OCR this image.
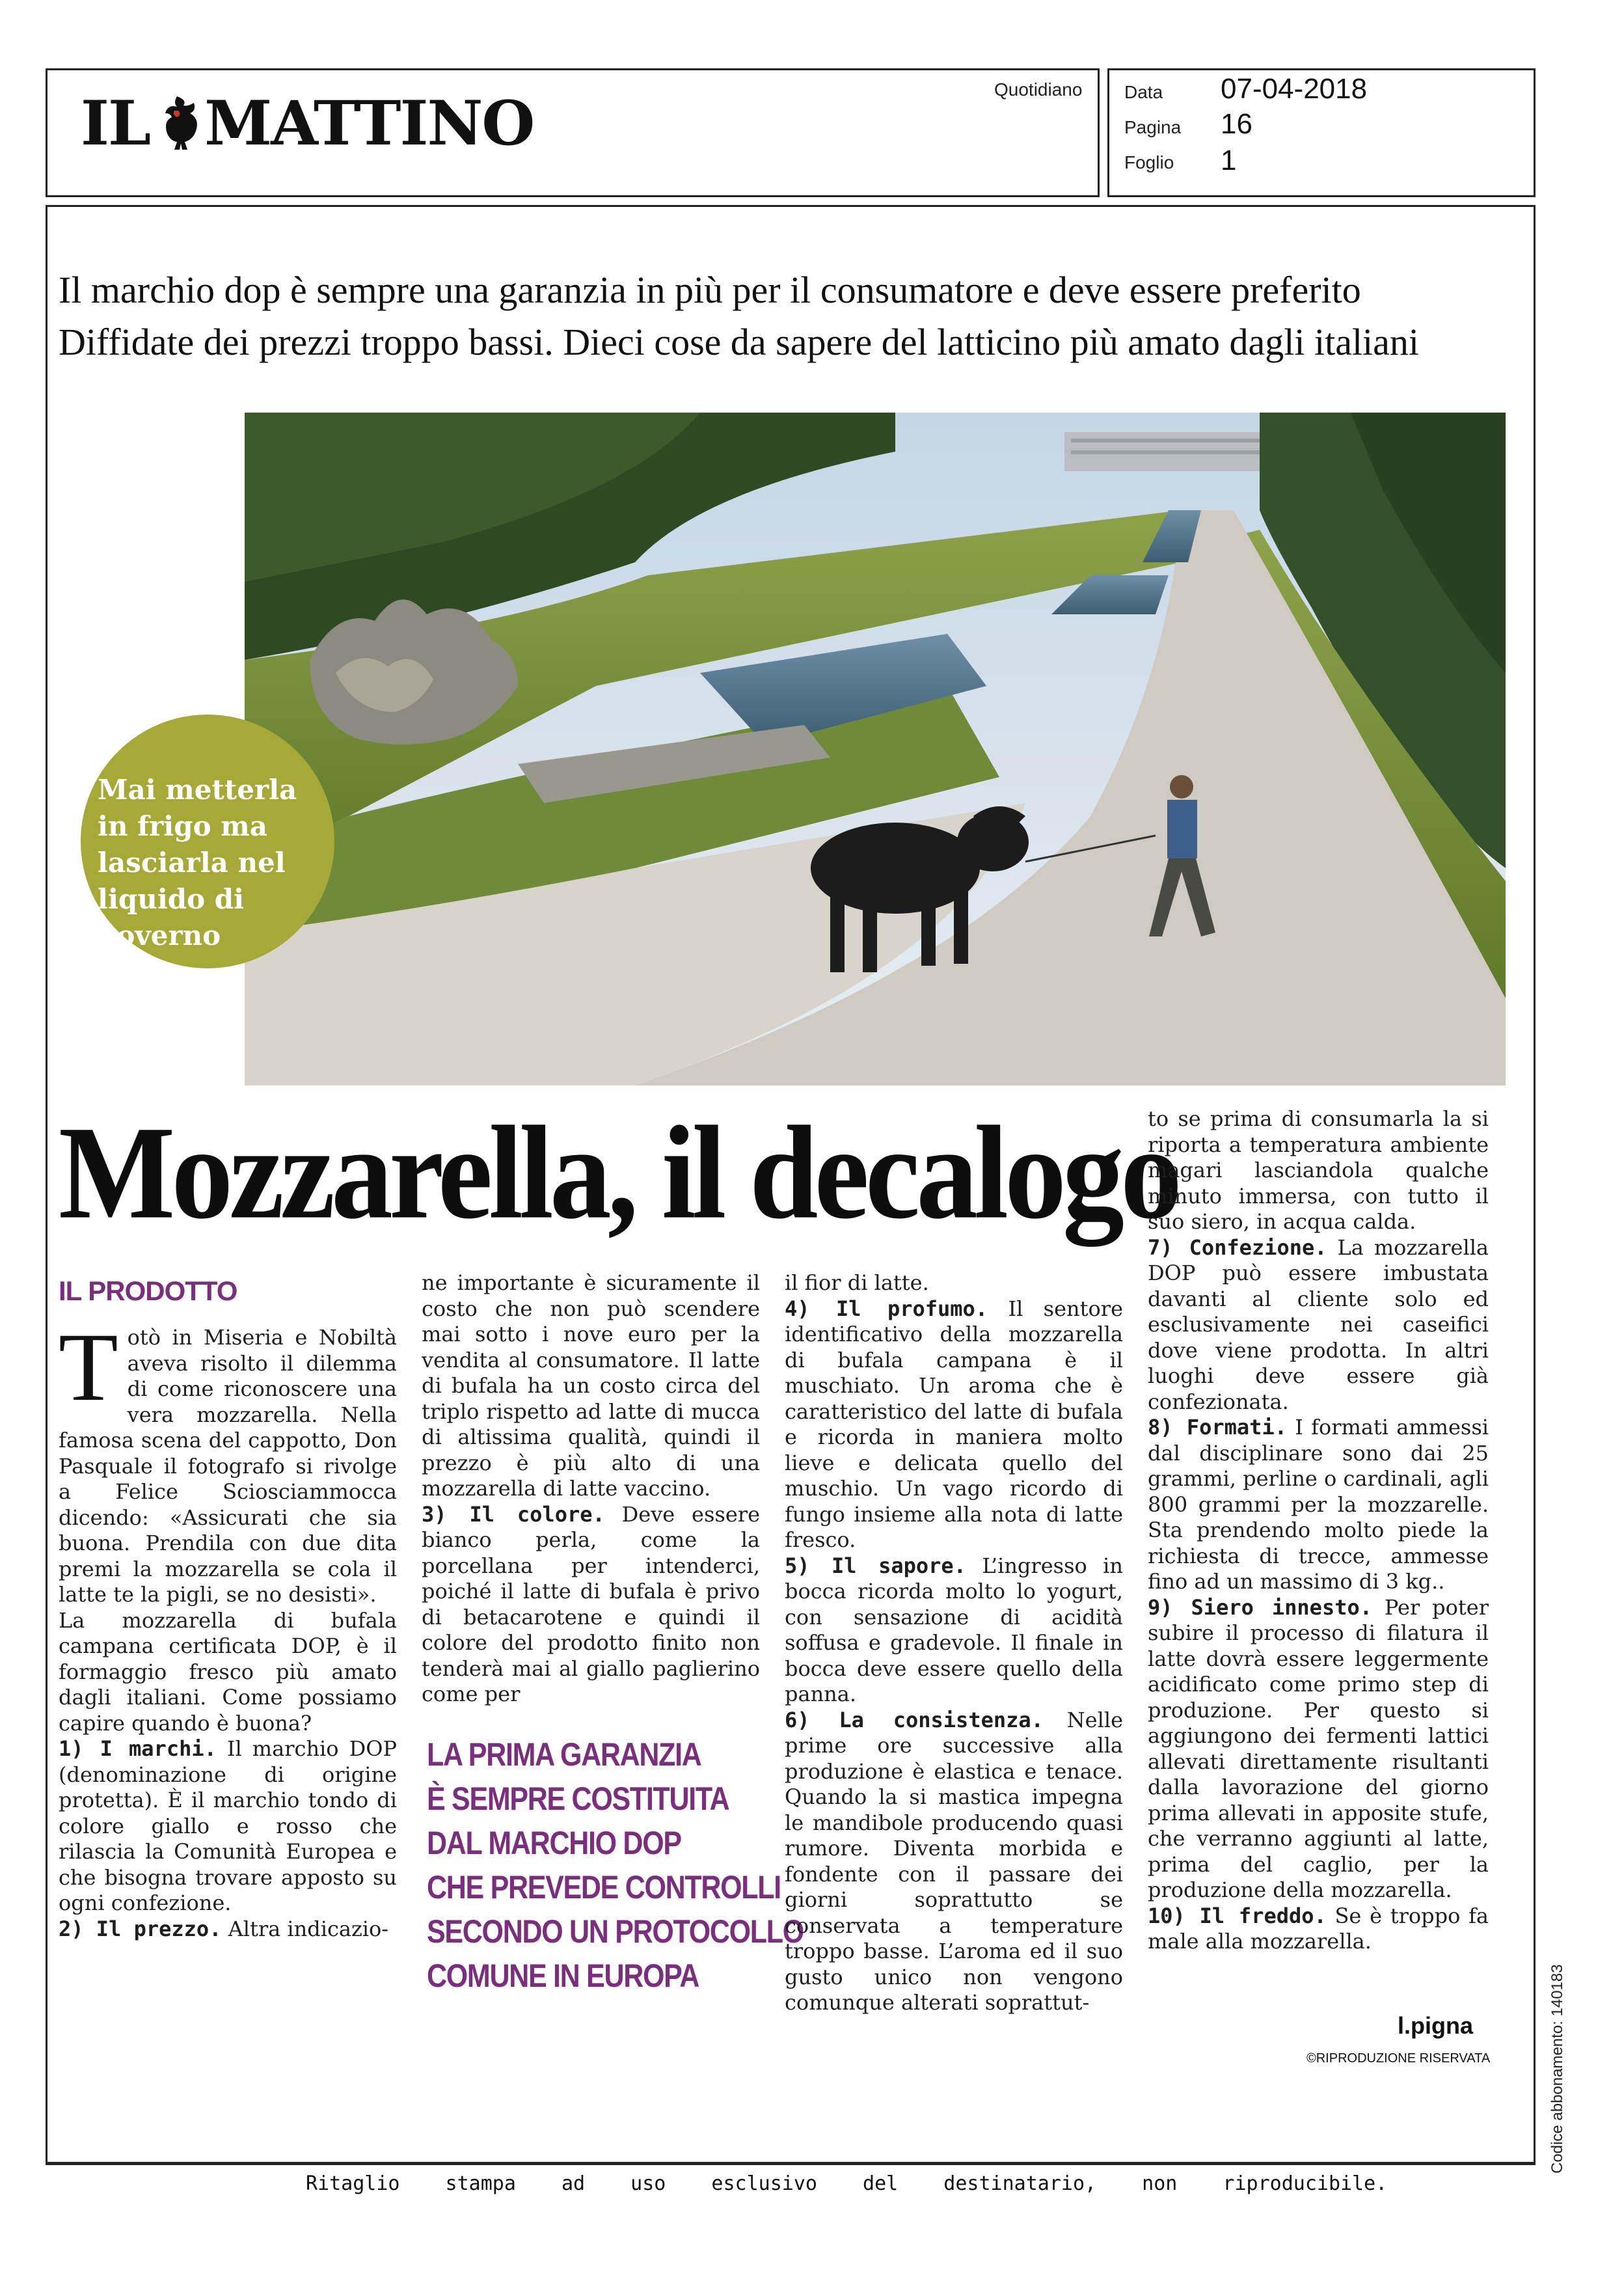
IL MATTINO	Quotidiano Data 07-04-2018
Pagina 16
Foglio 1
Il marchio dop è sempre una garanzia in più per il consumatore e deve essere preferito
Diffidate dei prezzi troppo bassi. Dieci cose da sapere del latticino più amato dagli italiani
Mai metterla
in frigo ma
lasciarla nel
liquido di
governo
Mozzarella, il decalogo
IL PRODOTTO

Totò in Miseria e Nobiltà aveva risolto il dilemma di come riconoscere una vera mozzarella. Nella famosa scena del cappotto, Don Pasquale il fotografo si rivolge a Felice Sciosciammocca dicendo: «Assicurati che sia buona. Prendila con due dita premi la mozzarella se cola il latte te la pigli, se no desisti».

La mozzarella di bufala campana certificata DOP, è il formaggio fresco più amato dagli italiani. Come possiamo capire quando è buona?

1) I marchi. Il marchio DOP (denominazione di origine protetta). È il marchio tondo di colore giallo e rosso che rilascia la Comunità Europea e che bisogna trovare apposto su ogni confezione.

2) Il prezzo. Altra indicazio-

ne importante è sicuramente il costo che non può scendere mai sotto i nove euro per la vendita al consumatore. Il latte di bufala ha un costo circa del triplo rispetto ad latte di mucca di altissima qualità, quindi il prezzo è più alto di una mozzarella di latte vaccino.

3) Il colore. Deve essere bianco perla, come la porcellana per intenderci, poiché il latte di bufala è privo di betacarotene e quindi il colore del prodotto finito non tenderà mai al giallo paglierino come per

LA PRIMA GARANZIA
È SEMPRE COSTITUITA
DAL MARCHIO DOP
CHE PREVEDE CONTROLLI
SECONDO UN PROTOCOLLO
COMUNE IN EUROPA

il fior di latte.

4) Il profumo. Il sentore identificativo della mozzarella di bufala campana è il muschiato. Un aroma che è caratteristico del latte di bufala e ricorda in maniera molto lieve e delicata quello del muschio. Un vago ricordo di fungo insieme alla nota di latte fresco.

5) Il sapore. L’ingresso in bocca ricorda molto lo yogurt, con sensazione di acidità soffusa e gradevole. Il finale in bocca deve essere quello della panna.

6) La consistenza. Nelle prime ore successive alla produzione è elastica e tenace. Quando la si mastica impegna le mandibole producendo quasi rumore. Diventa morbida e fondente con il passare dei giorni soprattutto se conservata a temperature troppo basse. L’aroma ed il suo gusto unico non vengono comunque alterati soprattut-

to se prima di consumarla la si riporta a temperatura ambiente magari lasciandola qualche minuto immersa, con tutto il suo siero, in acqua calda.

7) Confezione. La mozzarella DOP può essere imbustata davanti al cliente solo ed esclusivamente nei caseifici dove viene prodotta. In altri luoghi deve essere già confezionata.

8) Formati. I formati ammessi dal disciplinare sono dai 25 grammi, perline o cardinali, agli 800 grammi per la mozzarelle. Sta prendendo molto piede la richiesta di trecce, ammesse fino ad un massimo di 3 kg..

9) Siero innesto. Per poter subire il processo di filatura il latte dovrà essere leggermente acidificato come primo step di produzione. Per questo si aggiungono dei fermenti lattici allevati direttamente risultanti dalla lavorazione del giorno prima allevati in apposite stufe, che verranno aggiunti al latte, prima del caglio, per la produzione della mozzarella.

10) Il freddo. Se è troppo fa male alla mozzarella.

l.pigna
©RIPRODUZIONE RISERVATA	Codice abbonamento: 140183
Ritaglio stampa ad uso esclusivo del destinatario, non riproducibile.
